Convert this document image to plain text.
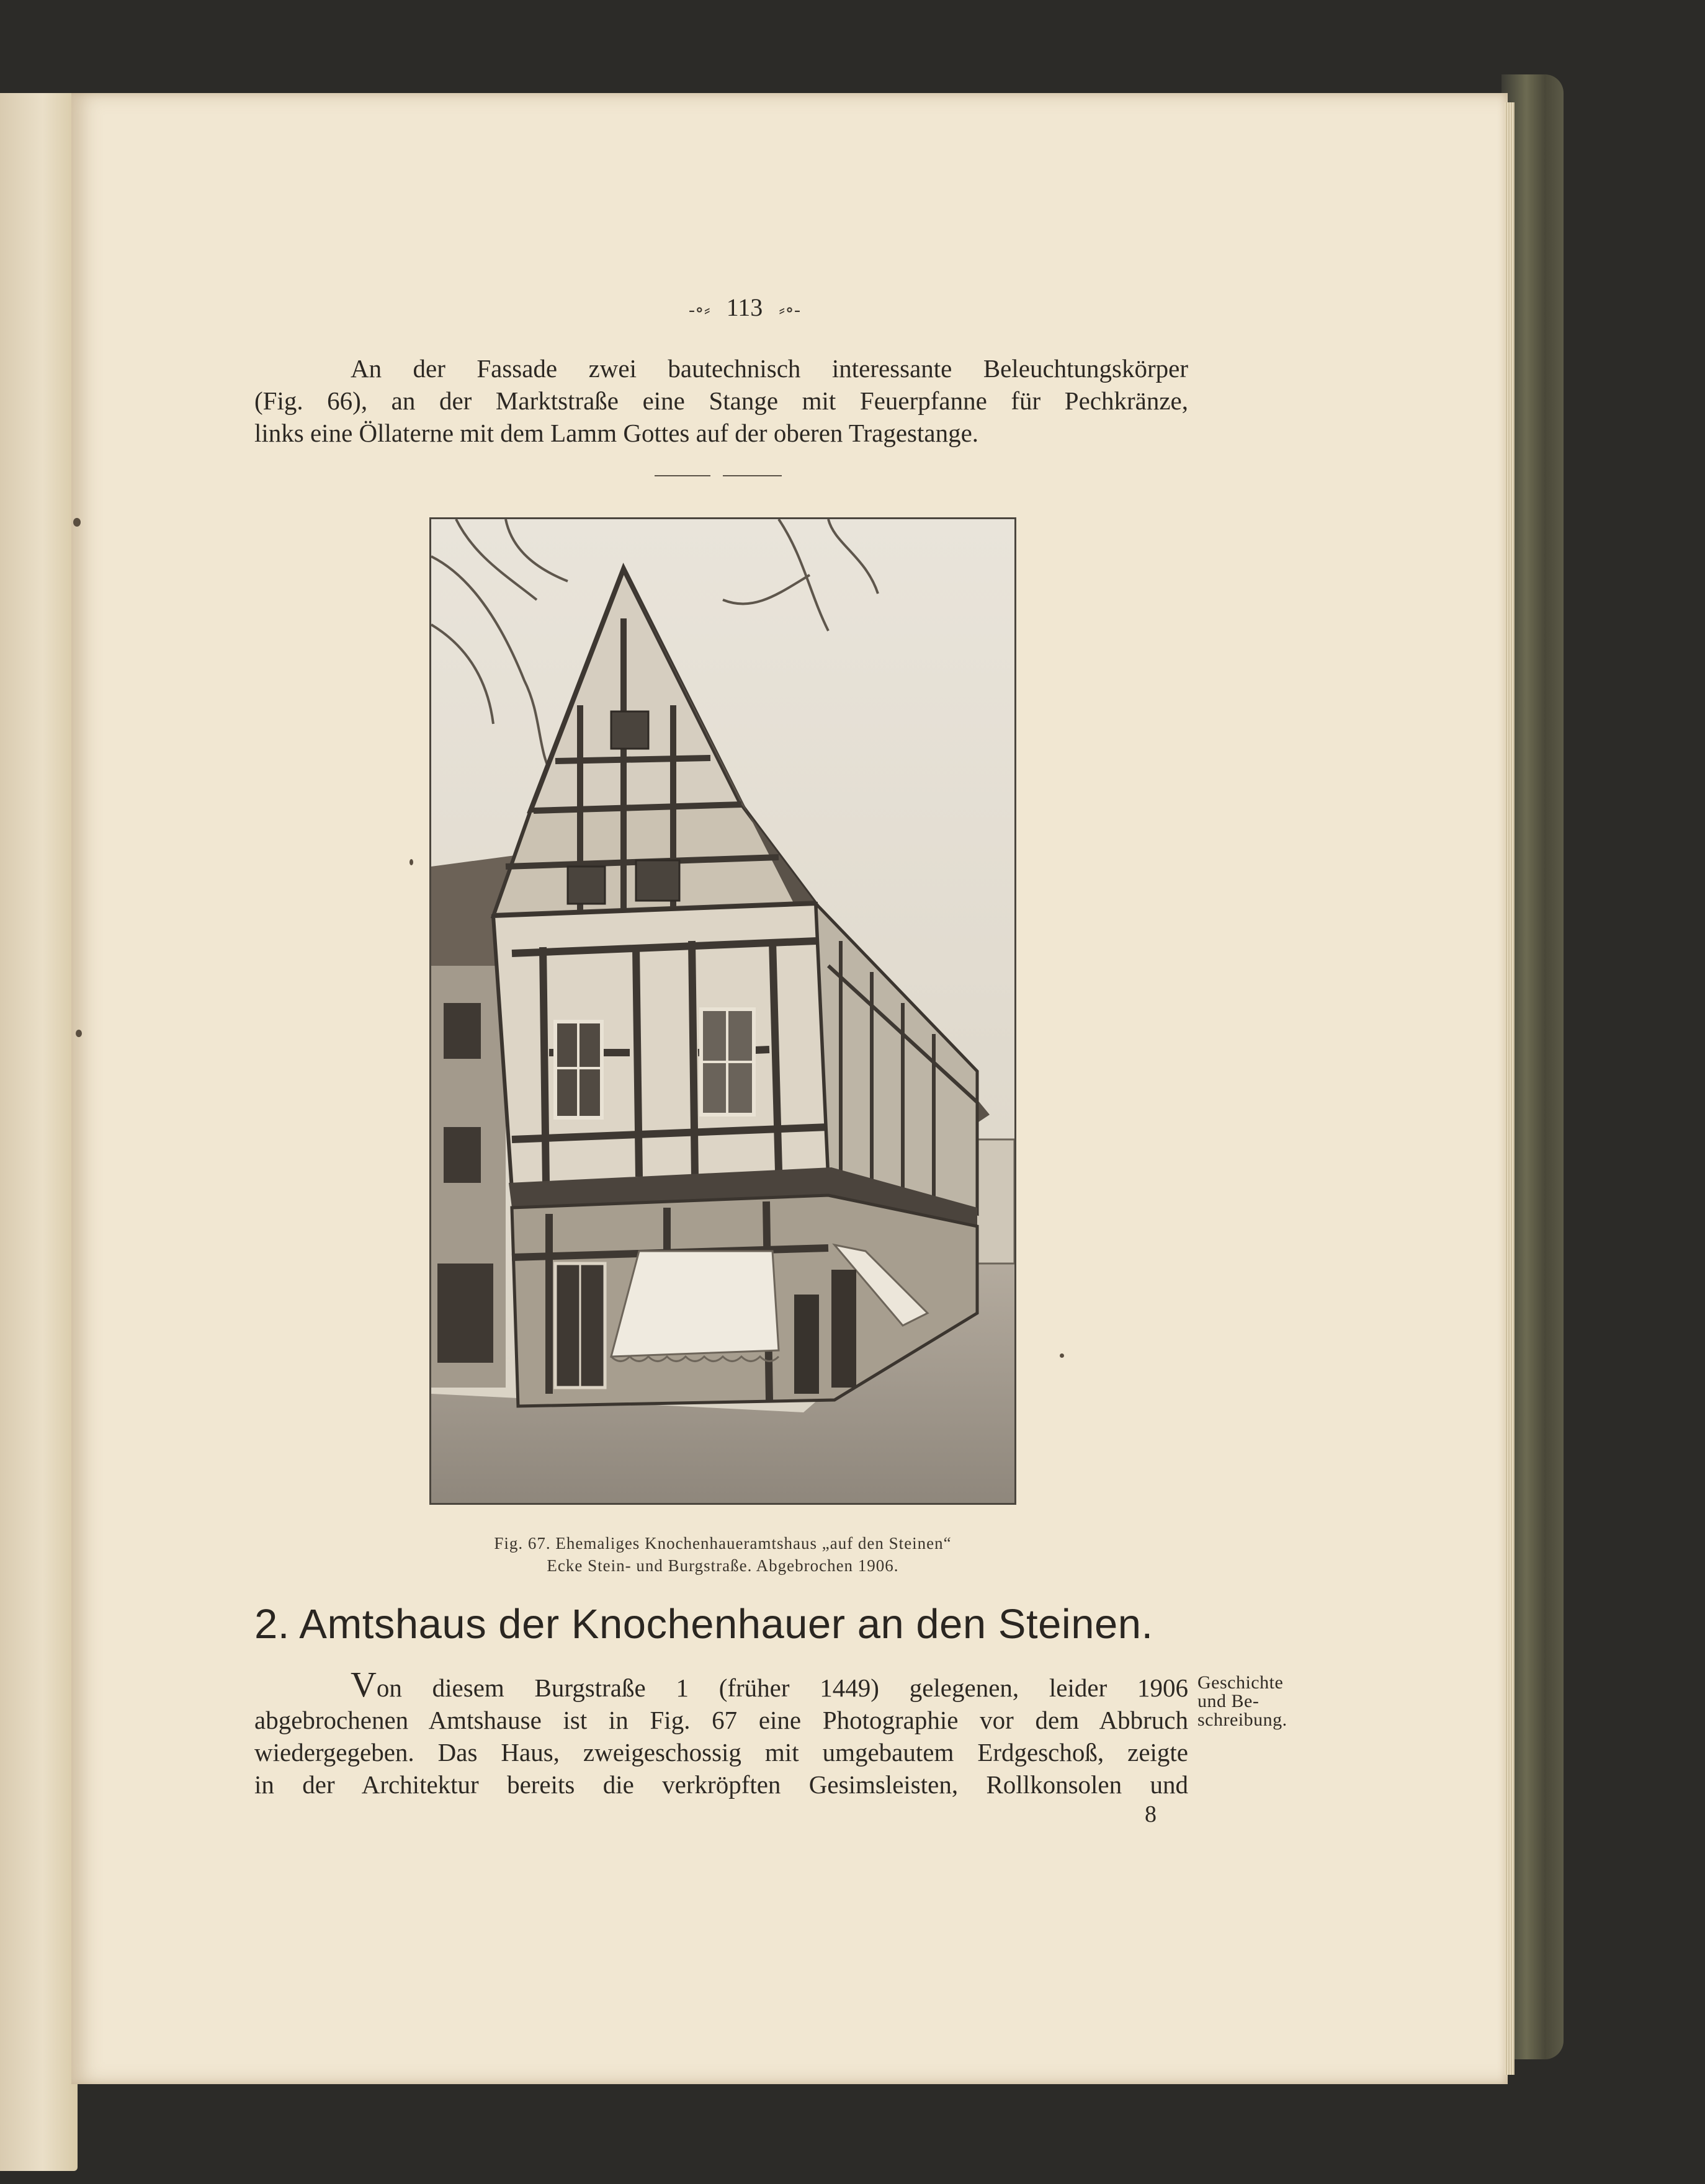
-∘⸗ 113 ⸗∘-
An der Fassade zwei bautechnisch interessante Beleuchtungskörper
(Fig. 66), an der Marktstraße eine Stange mit Feuerpfanne für Pechkränze,
links eine Öllaterne mit dem Lamm Gottes auf der oberen Tragestange.
Fig. 67. Ehemaliges Knochenhaueramtshaus „auf den Steinen“
Ecke Stein- und Burgstraße. Abgebrochen 1906.
2. Amtshaus der Knochenhauer an den Steinen.
Von diesem Burgstraße 1 (früher 1449) gelegenen, leider 1906
abgebrochenen Amtshause ist in Fig. 67 eine Photographie vor dem Abbruch
wiedergegeben. Das Haus, zweigeschossig mit umgebautem Erdgeschoß, zeigte
in der Architektur bereits die verkröpften Gesimsleisten, Rollkonsolen und
Geschichte
und Be-
schreibung.
8
